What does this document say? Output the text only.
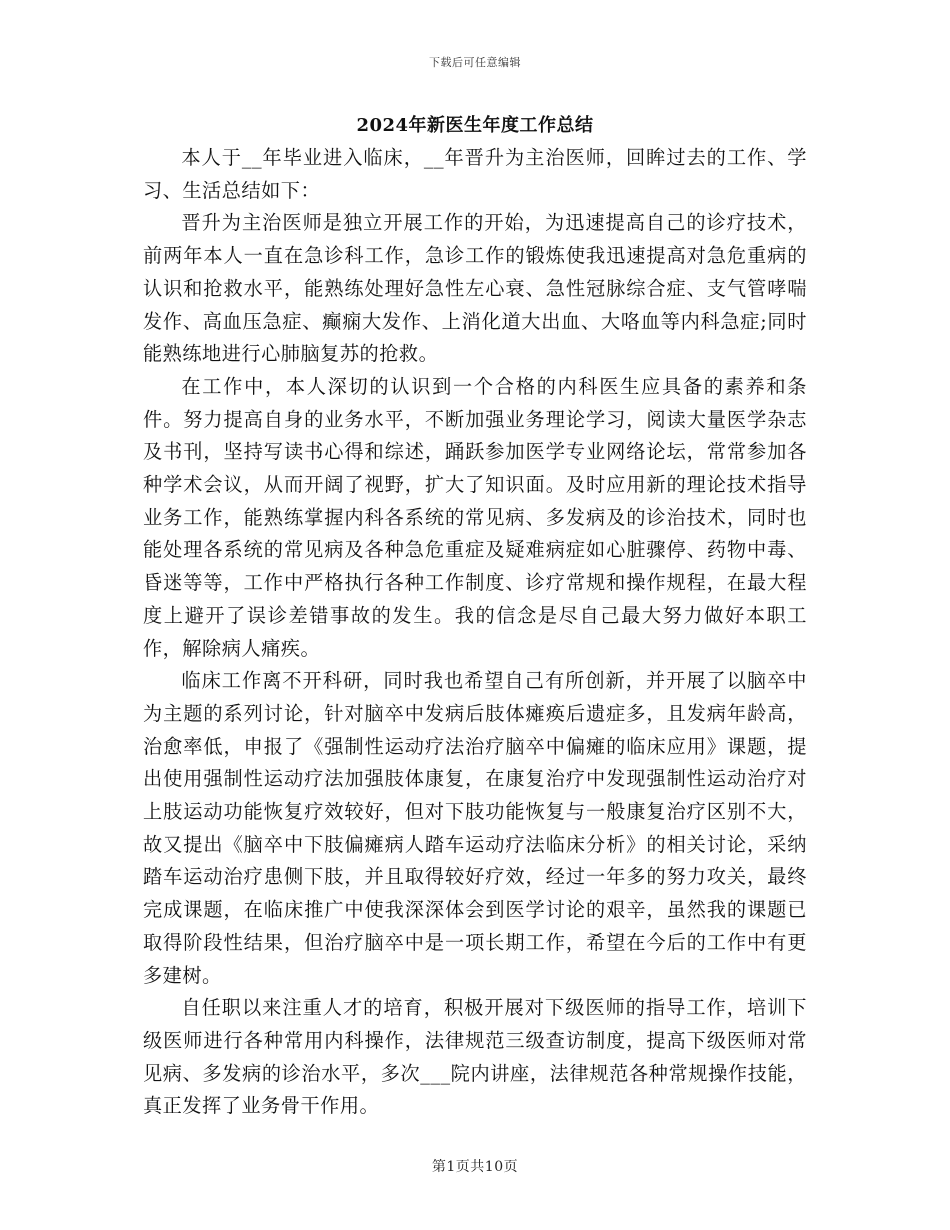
下载后可任意编辑
2024年新医生年度工作总结

本人于__年毕业进入临床，__年晋升为主治医师，回眸过去的工作、学习、生活总结如下：

晋升为主治医师是独立开展工作的开始，为迅速提高自己的诊疗技术，前两年本人一直在急诊科工作，急诊工作的锻炼使我迅速提高对急危重病的认识和抢救水平，能熟练处理好急性左心衰、急性冠脉综合症、支气管哮喘发作、高血压急症、癫痫大发作、上消化道大出血、大咯血等内科急症;同时能熟练地进行心肺脑复苏的抢救。

在工作中，本人深切的认识到一个合格的内科医生应具备的素养和条件。努力提高自身的业务水平，不断加强业务理论学习，阅读大量医学杂志及书刊，坚持写读书心得和综述，踊跃参加医学专业网络论坛，常常参加各种学术会议，从而开阔了视野，扩大了知识面。及时应用新的理论技术指导业务工作，能熟练掌握内科各系统的常见病、多发病及的诊治技术，同时也能处理各系统的常见病及各种急危重症及疑难病症如心脏骤停、药物中毒、昏迷等等，工作中严格执行各种工作制度、诊疗常规和操作规程，在最大程度上避开了误诊差错事故的发生。我的信念是尽自己最大努力做好本职工作，解除病人痛疾。

临床工作离不开科研，同时我也希望自己有所创新，并开展了以脑卒中为主题的系列讨论，针对脑卒中发病后肢体瘫痪后遗症多，且发病年龄高，治愈率低，申报了《强制性运动疗法治疗脑卒中偏瘫的临床应用》课题，提出使用强制性运动疗法加强肢体康复，在康复治疗中发现强制性运动治疗对上肢运动功能恢复疗效较好，但对下肢功能恢复与一般康复治疗区别不大，故又提出《脑卒中下肢偏瘫病人踏车运动疗法临床分析》的相关讨论，采纳踏车运动治疗患侧下肢，并且取得较好疗效，经过一年多的努力攻关，最终完成课题，在临床推广中使我深深体会到医学讨论的艰辛，虽然我的课题已取得阶段性结果，但治疗脑卒中是一项长期工作，希望在今后的工作中有更多建树。

自任职以来注重人才的培育，积极开展对下级医师的指导工作，培训下级医师进行各种常用内科操作，法律规范三级查访制度，提高下级医师对常见病、多发病的诊治水平，多次___院内讲座，法律规范各种常规操作技能，真正发挥了业务骨干作用。

第1页共10页
